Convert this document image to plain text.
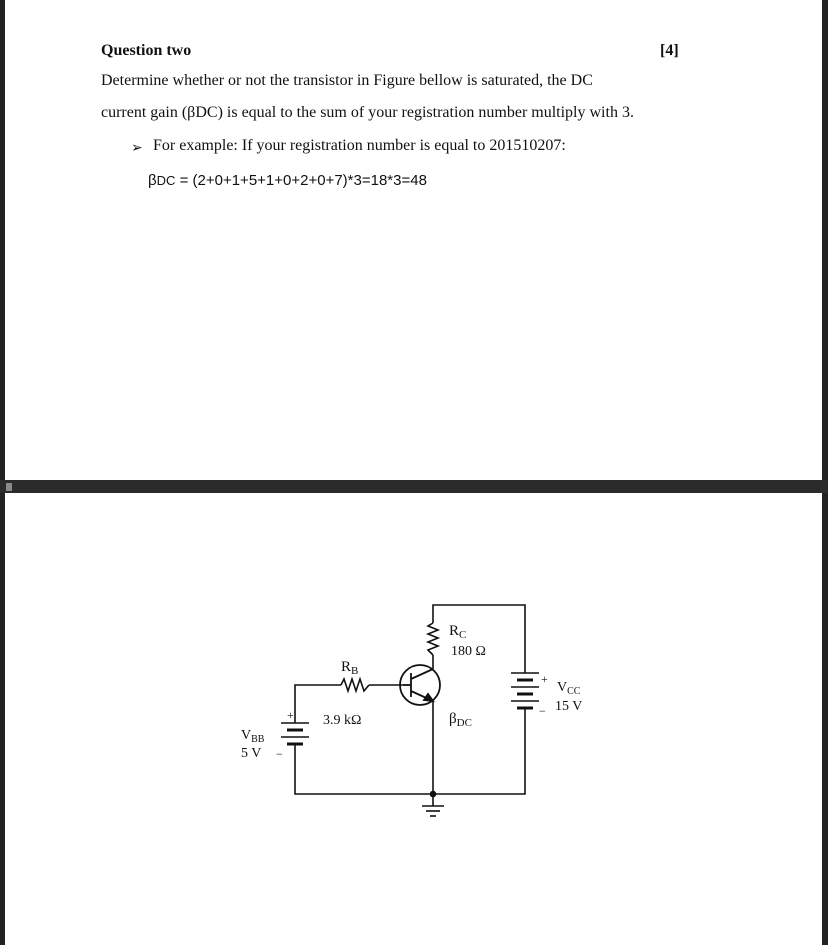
Question two	[4]
Determine whether or not the transistor in Figure bellow is saturated, the DC
current gain (βDC) is equal to the sum of your registration number multiply with 3.
➢ For example: If your registration number is equal to 201510207:
βDC = (2+0+1+5+1+0+2+0+7)*3=18*3=48
$R_C$
180 Ω
$R_B$
3.9 kΩ	$\beta_{DC}$
$V_{BB}$
5 V
+
−
$V_{CC}$
15 V
+
−
